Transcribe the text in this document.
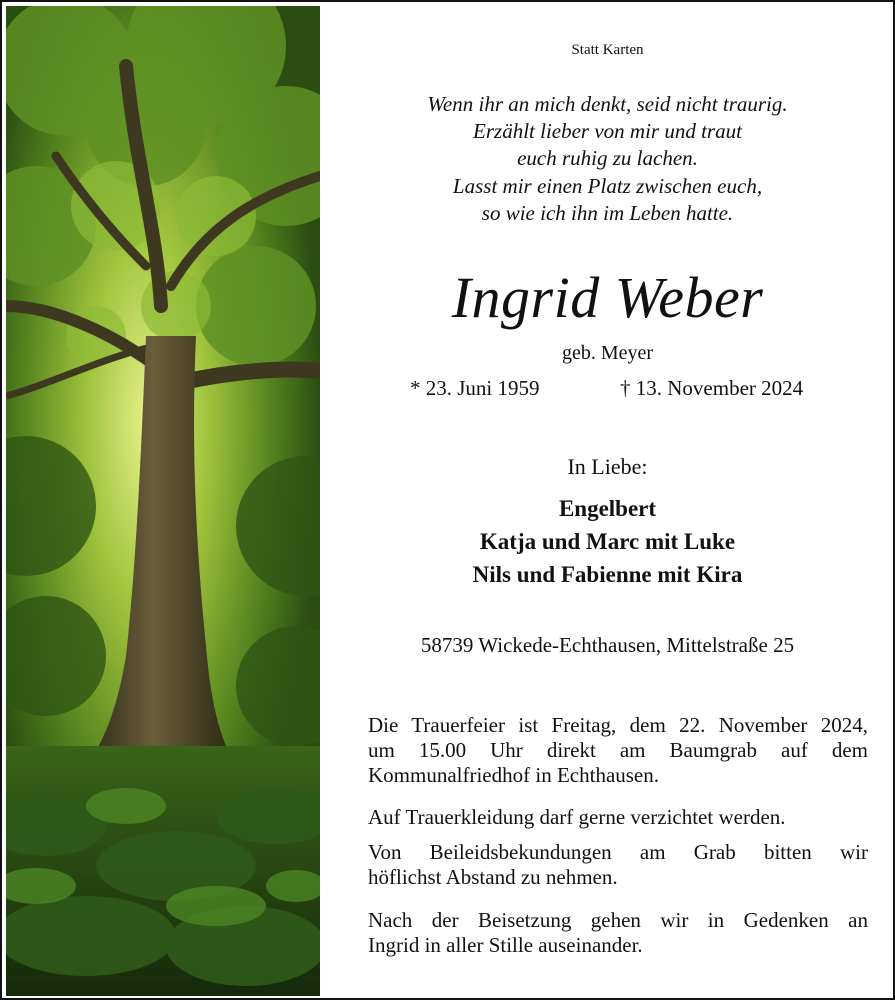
Statt Karten
Wenn ihr an mich denkt, seid nicht traurig.
Erzählt lieber von mir und traut
euch ruhig zu lachen.
Lasst mir einen Platz zwischen euch,
so wie ich ihn im Leben hatte.
Ingrid Weber
geb. Meyer
* 23. Juni 1959	† 13. November 2024
In Liebe:
Engelbert
Katja und Marc mit Luke
Nils und Fabienne mit Kira
58739 Wickede-Echthausen, Mittelstraße 25
Die Trauerfeier ist Freitag, dem 22. November 2024,
um 15.00 Uhr direkt am Baumgrab auf dem
Kommunalfriedhof in Echthausen.
Auf Trauerkleidung darf gerne verzichtet werden.
Von Beileidsbekundungen am Grab bitten wir
höflichst Abstand zu nehmen.
Nach der Beisetzung gehen wir in Gedenken an
Ingrid in aller Stille auseinander.
